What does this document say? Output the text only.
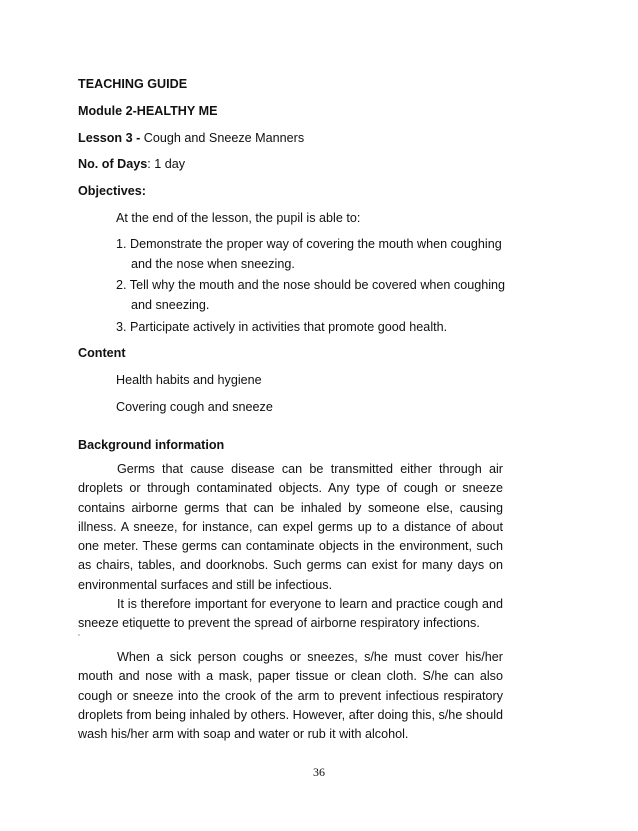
TEACHING GUIDE
Module 2-HEALTHY ME
Lesson 3 - Cough and Sneeze Manners
No. of Days: 1 day
Objectives:
At the end of the lesson, the pupil is able to:
1. Demonstrate the proper way of covering the mouth when coughing and the nose when sneezing.
2. Tell why the mouth and the nose should be covered when coughing and sneezing.
3. Participate actively in activities that promote good health.
Content
Health habits and hygiene
Covering cough and sneeze
Background information
Germs that cause disease can be transmitted either through air droplets or through contaminated objects. Any type of cough or sneeze contains airborne germs that can be inhaled by someone else, causing illness. A sneeze, for instance, can expel germs up to a distance of about one meter. These germs can contaminate objects in the environment, such as chairs, tables, and doorknobs. Such germs can exist for many days on environmental surfaces and still be infectious.
It is therefore important for everyone to learn and practice cough and sneeze etiquette to prevent the spread of airborne respiratory infections.
When a sick person coughs or sneezes, s/he must cover his/her mouth and nose with a mask, paper tissue or clean cloth. S/he can also cough or sneeze into the crook of the arm to prevent infectious respiratory droplets from being inhaled by others. However, after doing this, s/he should wash his/her arm with soap and water or rub it with alcohol.
36
